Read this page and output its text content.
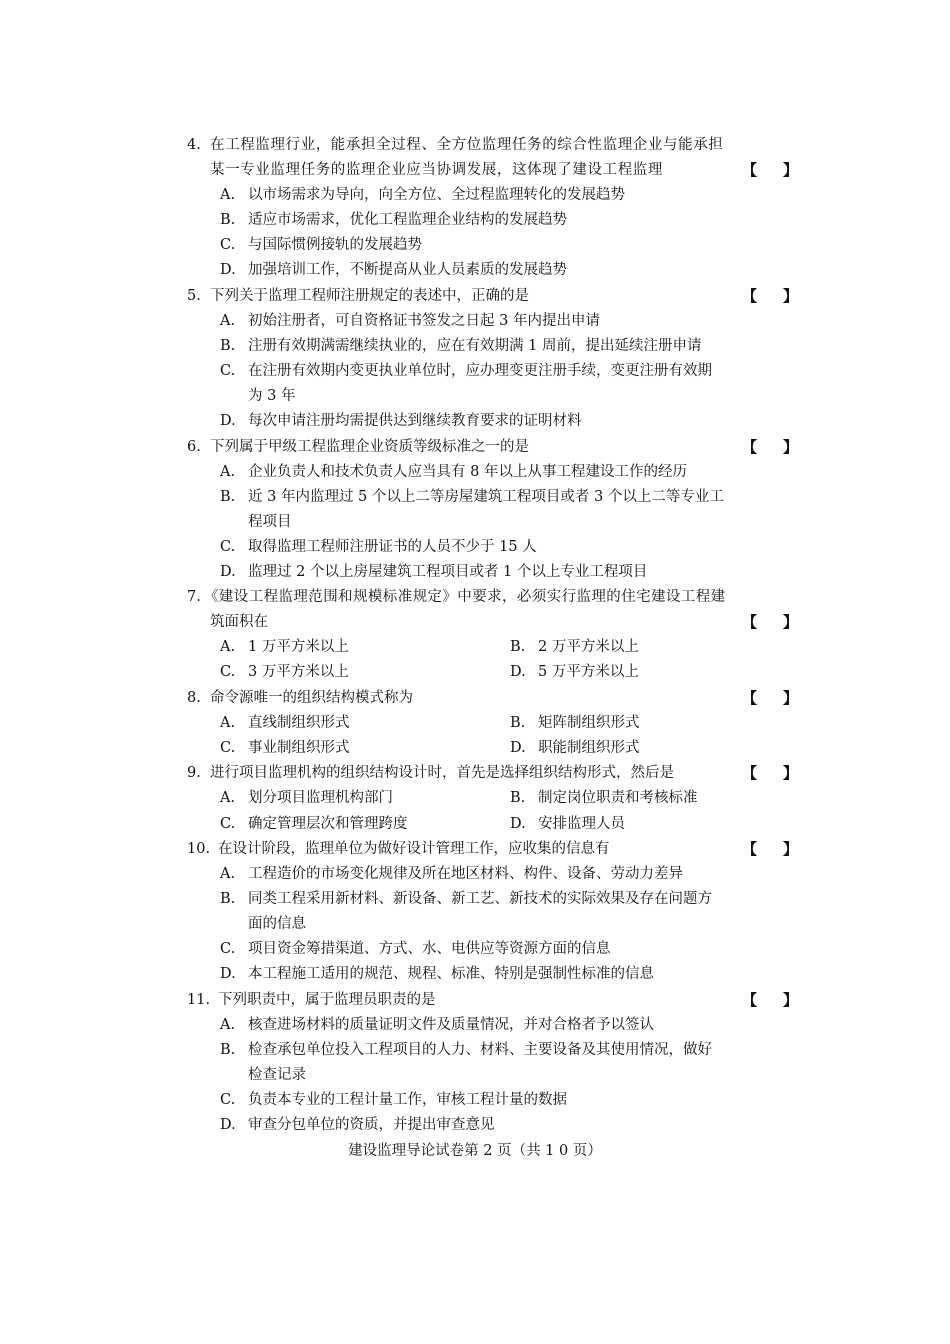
4. 在工程监理行业，能承担全过程、全方位监理任务的综合性监理企业与能承担
某一专业监理任务的监理企业应当协调发展，这体现了建设工程监理	【 】
A. 以市场需求为导向，向全方位、全过程监理转化的发展趋势
B. 适应市场需求，优化工程监理企业结构的发展趋势
C. 与国际惯例接轨的发展趋势
D. 加强培训工作，不断提高从业人员素质的发展趋势
5. 下列关于监理工程师注册规定的表述中，正确的是	【 】
A. 初始注册者，可自资格证书签发之日起 3 年内提出申请
B. 注册有效期满需继续执业的，应在有效期满 1 周前，提出延续注册申请
C. 在注册有效期内变更执业单位时，应办理变更注册手续，变更注册有效期
为 3 年
D. 每次申请注册均需提供达到继续教育要求的证明材料
6. 下列属于甲级工程监理企业资质等级标准之一的是	【 】
A. 企业负责人和技术负责人应当具有 8 年以上从事工程建设工作的经历
B. 近 3 年内监理过 5 个以上二等房屋建筑工程项目或者 3 个以上二等专业工
程项目
C. 取得监理工程师注册证书的人员不少于 15 人
D. 监理过 2 个以上房屋建筑工程项目或者 1 个以上专业工程项目
7. 《建设工程监理范围和规模标准规定》中要求，必须实行监理的住宅建设工程建
筑面积在	【 】
A. 1 万平方米以上	B. 2 万平方米以上
C. 3 万平方米以上	D. 5 万平方米以上
8. 命令源唯一的组织结构模式称为	【 】
A. 直线制组织形式	B. 矩阵制组织形式
C. 事业制组织形式	D. 职能制组织形式
9. 进行项目监理机构的组织结构设计时，首先是选择组织结构形式，然后是	【 】
A. 划分项目监理机构部门	B. 制定岗位职责和考核标准
C. 确定管理层次和管理跨度	D. 安排监理人员
10. 在设计阶段，监理单位为做好设计管理工作，应收集的信息有	【 】
A. 工程造价的市场变化规律及所在地区材料、构件、设备、劳动力差异
B. 同类工程采用新材料、新设备、新工艺、新技术的实际效果及存在问题方
面的信息
C. 项目资金筹措渠道、方式、水、电供应等资源方面的信息
D. 本工程施工适用的规范、规程、标准、特别是强制性标准的信息
11. 下列职责中，属于监理员职责的是	【 】
A. 核查进场材料的质量证明文件及质量情况，并对合格者予以签认
B. 检查承包单位投入工程项目的人力、材料、主要设备及其使用情况，做好
检查记录
C. 负责本专业的工程计量工作，审核工程计量的数据
D. 审查分包单位的资质，并提出审查意见
建设监理导论试卷第 2 页（共 1 0 页）
